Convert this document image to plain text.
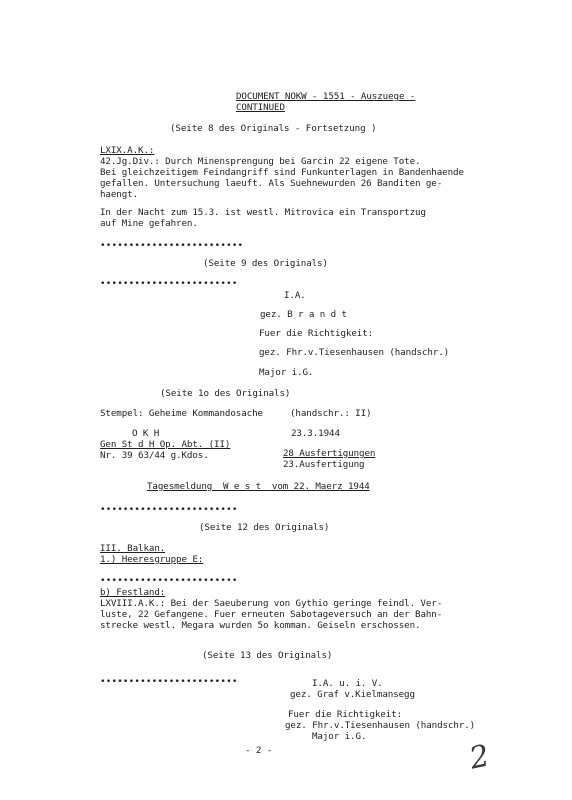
DOCUMENT NOKW - 1551 - Auszuege -
CONTINUED
(Seite 8 des Originals - Fortsetzung )
LXIX.A.K.:
42.Jg.Div.: Durch Minensprengung bei Garcin 22 eigene Tote.
Bei gleichzeitigem Feindangriff sind Funkunterlagen in Bandenhaende
gefallen. Untersuchung laeuft. Als Suehnewurden 26 Banditen ge-
haengt.
In der Nacht zum 15.3. ist westl. Mitrovica ein Transportzug
auf Mine gefahren.
•••••••••••••••••••••••••
(Seite 9 des Originals)
••••••••••••••••••••••••
I.A.
gez. B r a n d t
Fuer die Richtigkeit:
gez. Fhr.v.Tiesenhausen (handschr.)
Major i.G.
(Seite 1o des Originals)
Stempel: Geheime Kommandosache	(handschr.: II)
O K H	23.3.1944
Gen St d H Op. Abt. (II)
28 Ausfertigungen
Nr. 39 63/44 g.Kdos.
23.Ausfertigung
Tagesmeldung  W e s t  vom 22. Maerz 1944
••••••••••••••••••••••••
(Seite 12 des Originals)
III. Balkan.
1.) Heeresgruppe E:
••••••••••••••••••••••••
b) Festland:
LXVIII.A.K.: Bei der Saeuberung von Gythio geringe feindl. Ver-
luste, 22 Gefangene. Fuer erneuten Sabotageversuch an der Bahn-
strecke westl. Megara wurden 5o komman. Geiseln erschossen.
(Seite 13 des Originals)
••••••••••••••••••••••••	I.A. u. i. V.
gez. Graf v.Kielmansegg
Fuer die Richtigkeit:
gez. Fhr.v.Tiesenhausen (handschr.)
Major i.G.
- 2 -	2
